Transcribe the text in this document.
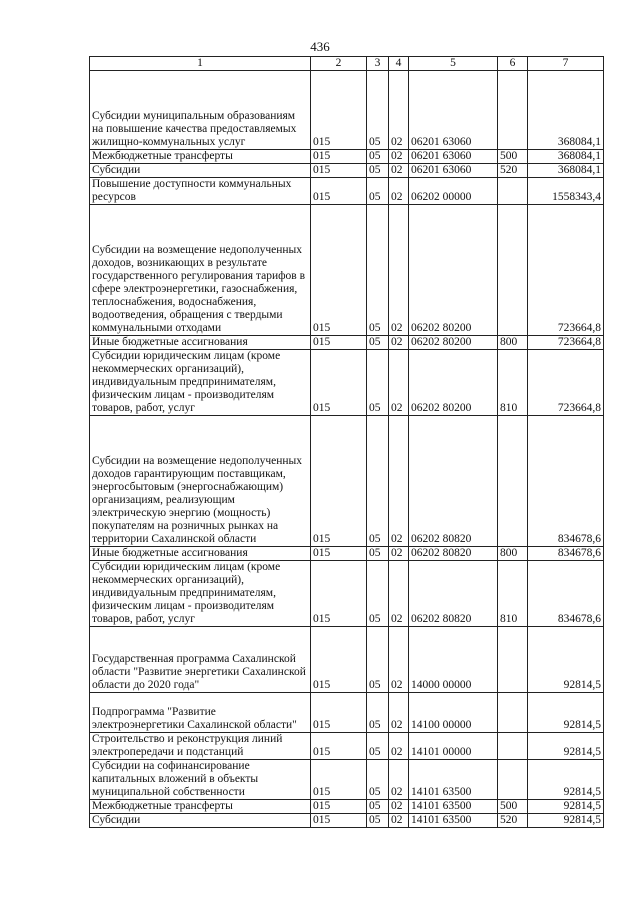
436
1	2	3	4	5	6	7
Субсидии муниципальным образованиям на повышение качества предоставляемых жилищно-коммунальных услуг	015	05	02	06201 63060		368084,1
Межбюджетные трансферты	015	05	02	06201 63060	500	368084,1
Субсидии	015	05	02	06201 63060	520	368084,1
Повышение доступности коммунальных ресурсов	015	05	02	06202 00000		1558343,4
Субсидии на возмещение недополученных доходов, возникающих в результате государственного регулирования тарифов в сфере электроэнергетики, газоснабжения, теплоснабжения, водоснабжения, водоотведения, обращения с твердыми коммунальными отходами	015	05	02	06202 80200		723664,8
Иные бюджетные ассигнования	015	05	02	06202 80200	800	723664,8
Субсидии юридическим лицам (кроме некоммерческих организаций), индивидуальным предпринимателям, физическим лицам - производителям товаров, работ, услуг	015	05	02	06202 80200	810	723664,8
Субсидии на возмещение недополученных доходов гарантирующим поставщикам, энергосбытовым (энергоснабжающим) организациям, реализующим электрическую энергию (мощность) покупателям на розничных рынках на территории Сахалинской области	015	05	02	06202 80820		834678,6
Иные бюджетные ассигнования	015	05	02	06202 80820	800	834678,6
Субсидии юридическим лицам (кроме некоммерческих организаций), индивидуальным предпринимателям, физическим лицам - производителям товаров, работ, услуг	015	05	02	06202 80820	810	834678,6
Государственная программа Сахалинской области "Развитие энергетики Сахалинской области до 2020 года"	015	05	02	14000 00000		92814,5
Подпрограмма "Развитие электроэнергетики Сахалинской области"	015	05	02	14100 00000		92814,5
Строительство и реконструкция линий электропередачи и подстанций	015	05	02	14101 00000		92814,5
Субсидии на софинансирование капитальных вложений в объекты муниципальной собственности	015	05	02	14101 63500		92814,5
Межбюджетные трансферты	015	05	02	14101 63500	500	92814,5
Субсидии	015	05	02	14101 63500	520	92814,5
